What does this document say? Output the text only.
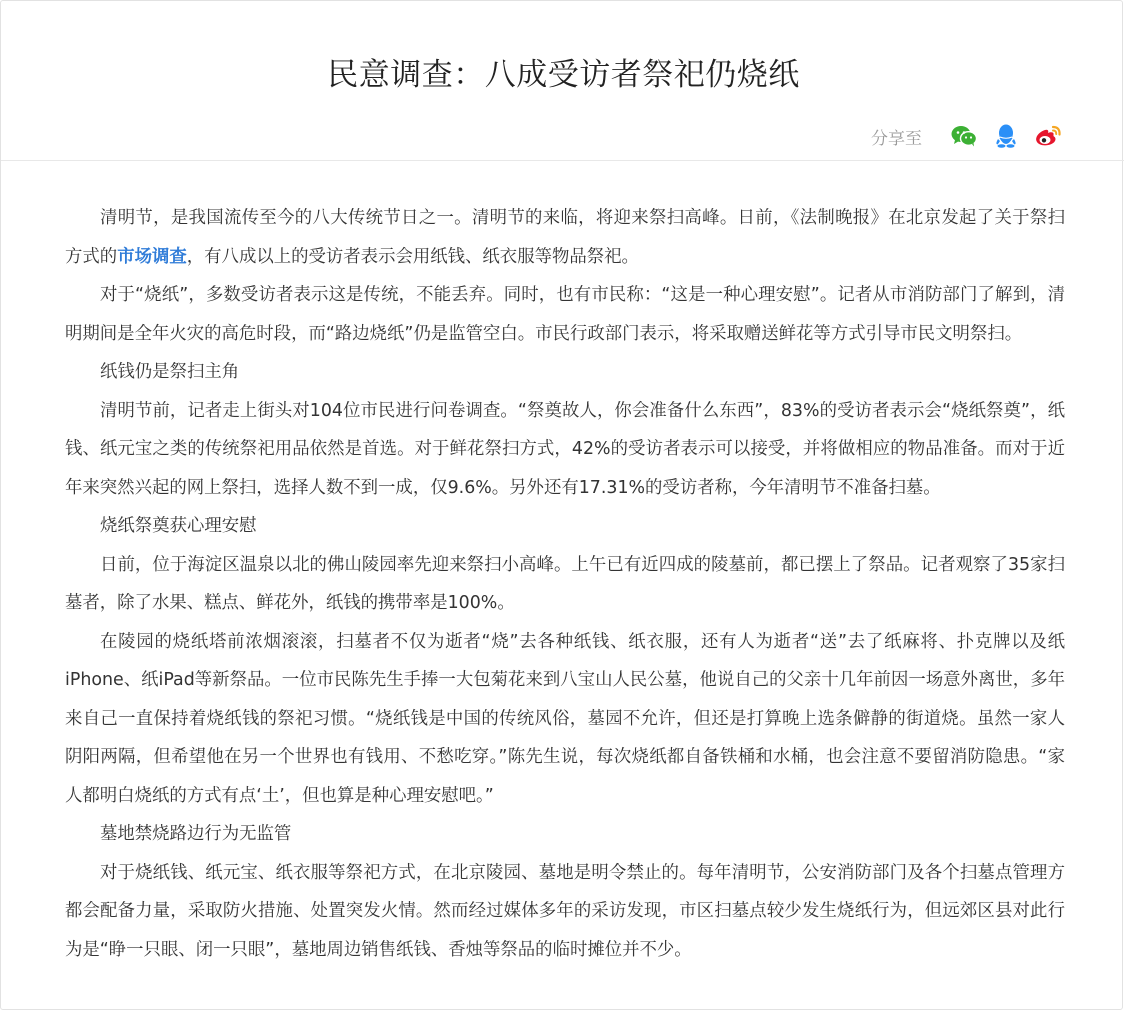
民意调查：八成受访者祭祀仍烧纸
分享至

清明节，是我国流传至今的八大传统节日之一。清明节的来临，将迎来祭扫高峰。日前，《法制晚报》在北京发起了关于祭扫方式的市场调查，有八成以上的受访者表示会用纸钱、纸衣服等物品祭祀。

对于“烧纸”，多数受访者表示这是传统，不能丢弃。同时，也有市民称：“这是一种心理安慰”。记者从市消防部门了解到，清明期间是全年火灾的高危时段，而“路边烧纸”仍是监管空白。市民行政部门表示，将采取赠送鲜花等方式引导市民文明祭扫。

纸钱仍是祭扫主角

清明节前，记者走上街头对104位市民进行问卷调查。“祭奠故人，你会准备什么东西”，83%的受访者表示会“烧纸祭奠”，纸钱、纸元宝之类的传统祭祀用品依然是首选。对于鲜花祭扫方式，42%的受访者表示可以接受，并将做相应的物品准备。而对于近年来突然兴起的网上祭扫，选择人数不到一成，仅9.6%。另外还有17.31%的受访者称，今年清明节不准备扫墓。

烧纸祭奠获心理安慰

日前，位于海淀区温泉以北的佛山陵园率先迎来祭扫小高峰。上午已有近四成的陵墓前，都已摆上了祭品。记者观察了35家扫墓者，除了水果、糕点、鲜花外，纸钱的携带率是100%。

在陵园的烧纸塔前浓烟滚滚，扫墓者不仅为逝者“烧”去各种纸钱、纸衣服，还有人为逝者“送”去了纸麻将、扑克牌以及纸iPhone、纸iPad等新祭品。一位市民陈先生手捧一大包菊花来到八宝山人民公墓，他说自己的父亲十几年前因一场意外离世，多年来自己一直保持着烧纸钱的祭祀习惯。“烧纸钱是中国的传统风俗，墓园不允许，但还是打算晚上选条僻静的街道烧。虽然一家人阴阳两隔，但希望他在另一个世界也有钱用、不愁吃穿。”陈先生说，每次烧纸都自备铁桶和水桶，也会注意不要留消防隐患。“家人都明白烧纸的方式有点‘土’，但也算是种心理安慰吧。”

墓地禁烧路边行为无监管

对于烧纸钱、纸元宝、纸衣服等祭祀方式，在北京陵园、墓地是明令禁止的。每年清明节，公安消防部门及各个扫墓点管理方都会配备力量，采取防火措施、处置突发火情。然而经过媒体多年的采访发现，市区扫墓点较少发生烧纸行为，但远郊区县对此行为是“睁一只眼、闭一只眼”，墓地周边销售纸钱、香烛等祭品的临时摊位并不少。
